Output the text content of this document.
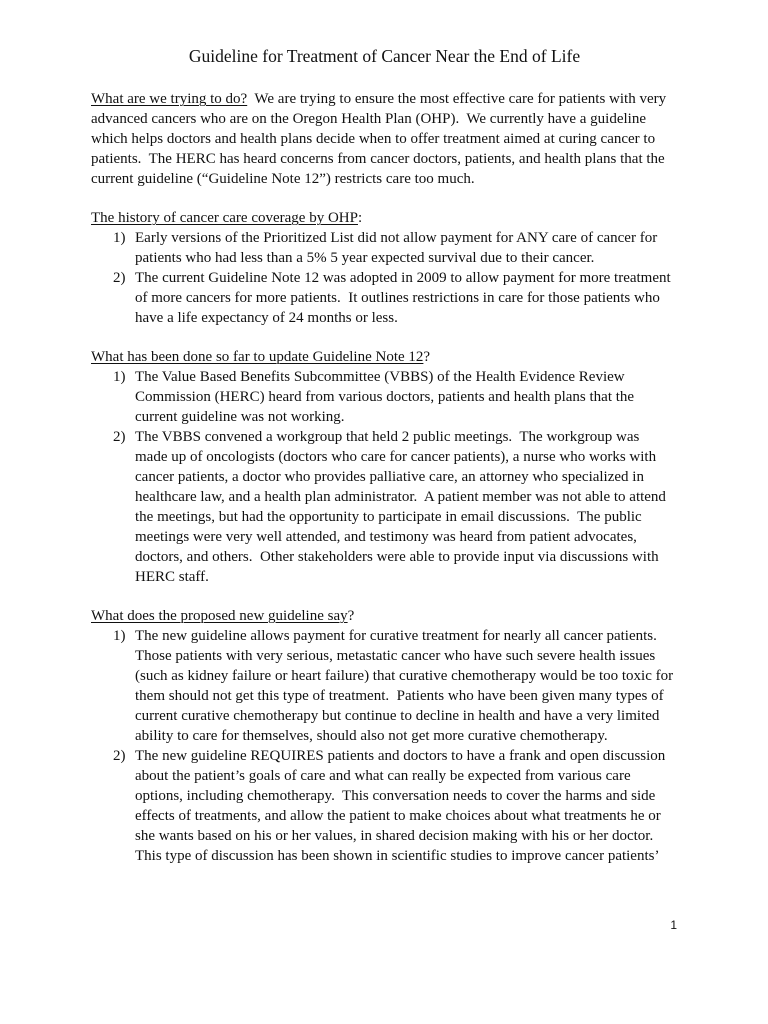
Guideline for Treatment of Cancer Near the End of Life

What are we trying to do?  We are trying to ensure the most effective care for patients with very
advanced cancers who are on the Oregon Health Plan (OHP).  We currently have a guideline
which helps doctors and health plans decide when to offer treatment aimed at curing cancer to
patients.  The HERC has heard concerns from cancer doctors, patients, and health plans that the
current guideline (“Guideline Note 12”) restricts care too much.

The history of cancer care coverage by OHP:

1) Early versions of the Prioritized List did not allow payment for ANY care of cancer for
patients who had less than a 5% 5 year expected survival due to their cancer.
2) The current Guideline Note 12 was adopted in 2009 to allow payment for more treatment
of more cancers for more patients.  It outlines restrictions in care for those patients who
have a life expectancy of 24 months or less.

What has been done so far to update Guideline Note 12?

1) The Value Based Benefits Subcommittee (VBBS) of the Health Evidence Review
Commission (HERC) heard from various doctors, patients and health plans that the
current guideline was not working.
2) The VBBS convened a workgroup that held 2 public meetings.  The workgroup was
made up of oncologists (doctors who care for cancer patients), a nurse who works with
cancer patients, a doctor who provides palliative care, an attorney who specialized in
healthcare law, and a health plan administrator.  A patient member was not able to attend
the meetings, but had the opportunity to participate in email discussions.  The public
meetings were very well attended, and testimony was heard from patient advocates,
doctors, and others.  Other stakeholders were able to provide input via discussions with
HERC staff.

What does the proposed new guideline say?

1) The new guideline allows payment for curative treatment for nearly all cancer patients.
Those patients with very serious, metastatic cancer who have such severe health issues
(such as kidney failure or heart failure) that curative chemotherapy would be too toxic for
them should not get this type of treatment.  Patients who have been given many types of
current curative chemotherapy but continue to decline in health and have a very limited
ability to care for themselves, should also not get more curative chemotherapy.
2) The new guideline REQUIRES patients and doctors to have a frank and open discussion
about the patient’s goals of care and what can really be expected from various care
options, including chemotherapy.  This conversation needs to cover the harms and side
effects of treatments, and allow the patient to make choices about what treatments he or
she wants based on his or her values, in shared decision making with his or her doctor.
This type of discussion has been shown in scientific studies to improve cancer patients’
1
